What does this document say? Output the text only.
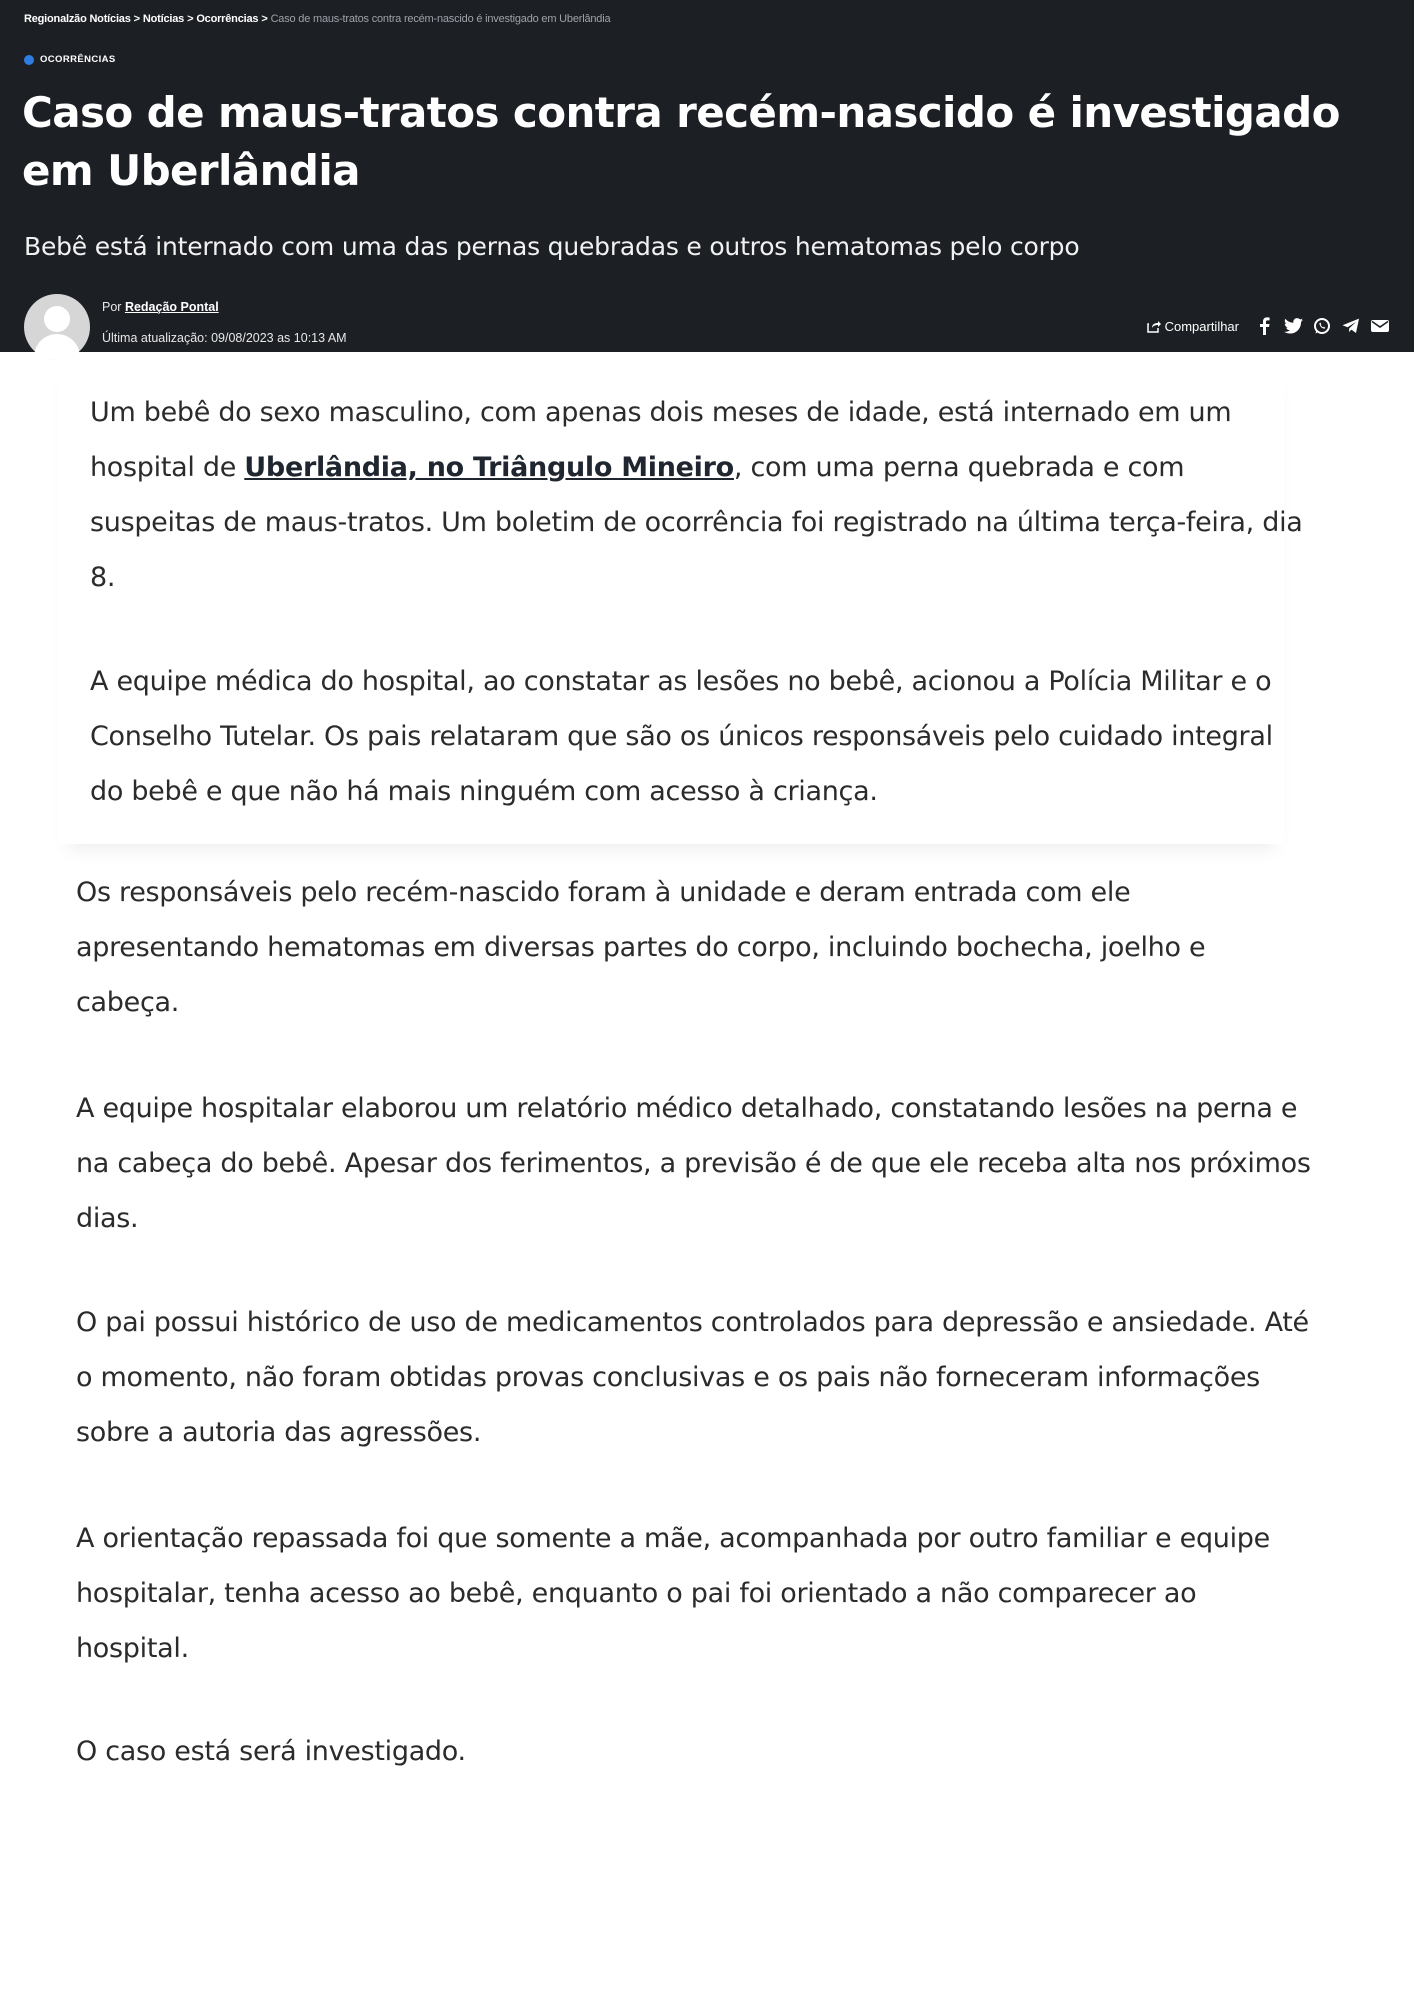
Regionalzão Notícias > Notícias > Ocorrências > Caso de maus-tratos contra recém-nascido é investigado em Uberlândia
OCORRÊNCIAS
Caso de maus-tratos contra recém-nascido é investigado em Uberlândia

Bebê está internado com uma das pernas quebradas e outros hematomas pelo corpo

Por Redação Pontal
Última atualização: 09/08/2023 as 10:13 AM
Compartilhar

Um bebê do sexo masculino, com apenas dois meses de idade, está internado em um hospital de Uberlândia, no Triângulo Mineiro, com uma perna quebrada e com suspeitas de maus-tratos. Um boletim de ocorrência foi registrado na última terça-feira, dia 8.

A equipe médica do hospital, ao constatar as lesões no bebê, acionou a Polícia Militar e o Conselho Tutelar. Os pais relataram que são os únicos responsáveis pelo cuidado integral do bebê e que não há mais ninguém com acesso à criança.

Os responsáveis pelo recém-nascido foram à unidade e deram entrada com ele apresentando hematomas em diversas partes do corpo, incluindo bochecha, joelho e cabeça.

A equipe hospitalar elaborou um relatório médico detalhado, constatando lesões na perna e na cabeça do bebê. Apesar dos ferimentos, a previsão é de que ele receba alta nos próximos dias.

O pai possui histórico de uso de medicamentos controlados para depressão e ansiedade. Até o momento, não foram obtidas provas conclusivas e os pais não forneceram informações sobre a autoria das agressões.

A orientação repassada foi que somente a mãe, acompanhada por outro familiar e equipe hospitalar, tenha acesso ao bebê, enquanto o pai foi orientado a não comparecer ao hospital.

O caso está será investigado.
